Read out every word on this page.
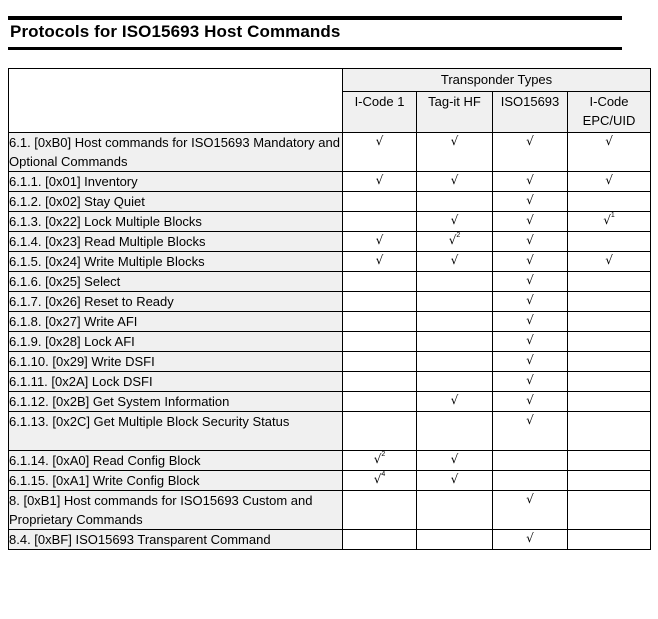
Protocols for ISO15693 Host Commands
	Transponder Types			
	I-Code 1	Tag-it HF	ISO15693	I-Code EPC/UID
6.1. [0xB0] Host commands for ISO15693 Mandatory and Optional Commands	√	√	√	√
6.1.1. [0x01] Inventory	√	√	√	√
6.1.2. [0x02] Stay Quiet			√	
6.1.3. [0x22] Lock Multiple Blocks		√	√	√$^1$
6.1.4. [0x23] Read Multiple Blocks	√	√$^2$	√	
6.1.5. [0x24] Write Multiple Blocks	√	√	√	√
6.1.6. [0x25] Select			√	
6.1.7. [0x26] Reset to Ready			√	
6.1.8. [0x27] Write AFI			√	
6.1.9. [0x28] Lock AFI			√	
6.1.10. [0x29] Write DSFI			√	
6.1.11. [0x2A] Lock DSFI			√	
6.1.12. [0x2B] Get System Information		√	√	
6.1.13. [0x2C] Get Multiple Block Security Status			√	
6.1.14. [0xA0] Read Config Block	√$^2$	√		
6.1.15. [0xA1] Write Config Block	√$^4$	√		
8. [0xB1] Host commands for ISO15693 Custom and Proprietary Commands			√	
8.4. [0xBF] ISO15693 Transparent Command			√	
